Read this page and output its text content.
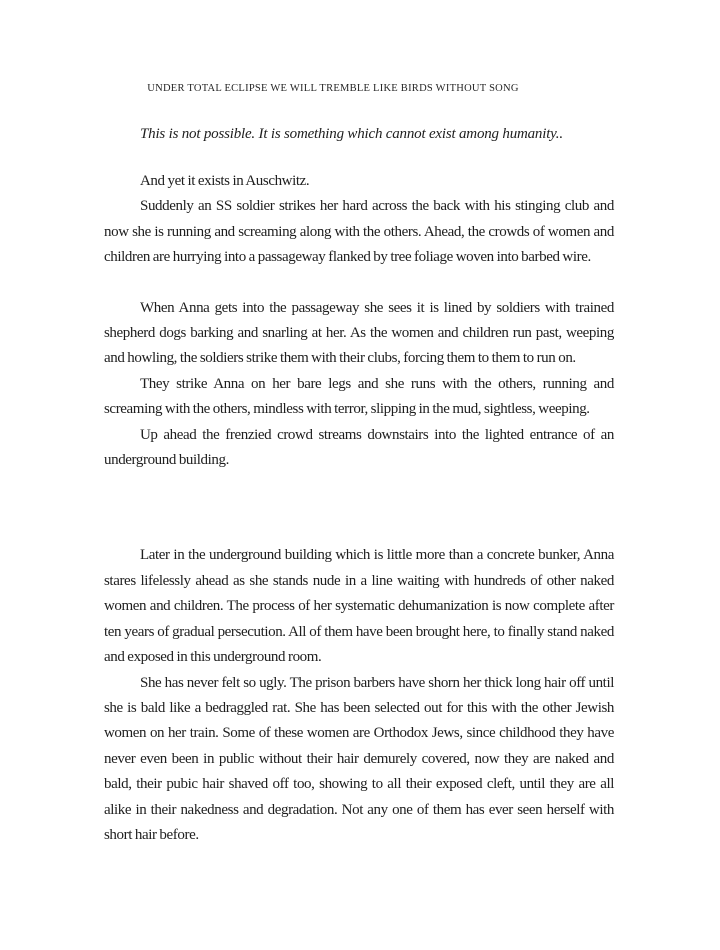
UNDER TOTAL ECLIPSE WE WILL TREMBLE LIKE BIRDS WITHOUT SONG

This is not possible. It is something which cannot exist among humanity..

And yet it exists in Auschwitz.

Suddenly an SS soldier strikes her hard across the back with his stinging club and now she is running and screaming along with the others. Ahead, the crowds of women and children are hurrying into a passageway flanked by tree foliage woven into barbed wire.

When Anna gets into the passageway she sees it is lined by soldiers with trained shepherd dogs barking and snarling at her. As the women and children run past, weeping and howling, the soldiers strike them with their clubs, forcing them to them to run on.

They strike Anna on her bare legs and she runs with the others, running and screaming with the others, mindless with terror, slipping in the mud, sightless, weeping.

Up ahead the frenzied crowd streams downstairs into the lighted entrance of an underground building.

Later in the underground building which is little more than a concrete bunker, Anna stares lifelessly ahead as she stands nude in a line waiting with hundreds of other naked women and children. The process of her systematic dehumanization is now complete after ten years of gradual persecution. All of them have been brought here, to finally stand naked and exposed in this underground room.

She has never felt so ugly. The prison barbers have shorn her thick long hair off until she is bald like a bedraggled rat. She has been selected out for this with the other Jewish women on her train. Some of these women are Orthodox Jews, since childhood they have never even been in public without their hair demurely covered, now they are naked and bald, their pubic hair shaved off too, showing to all their exposed cleft, until they are all alike in their nakedness and degradation. Not any one of them has ever seen herself with short hair before.
